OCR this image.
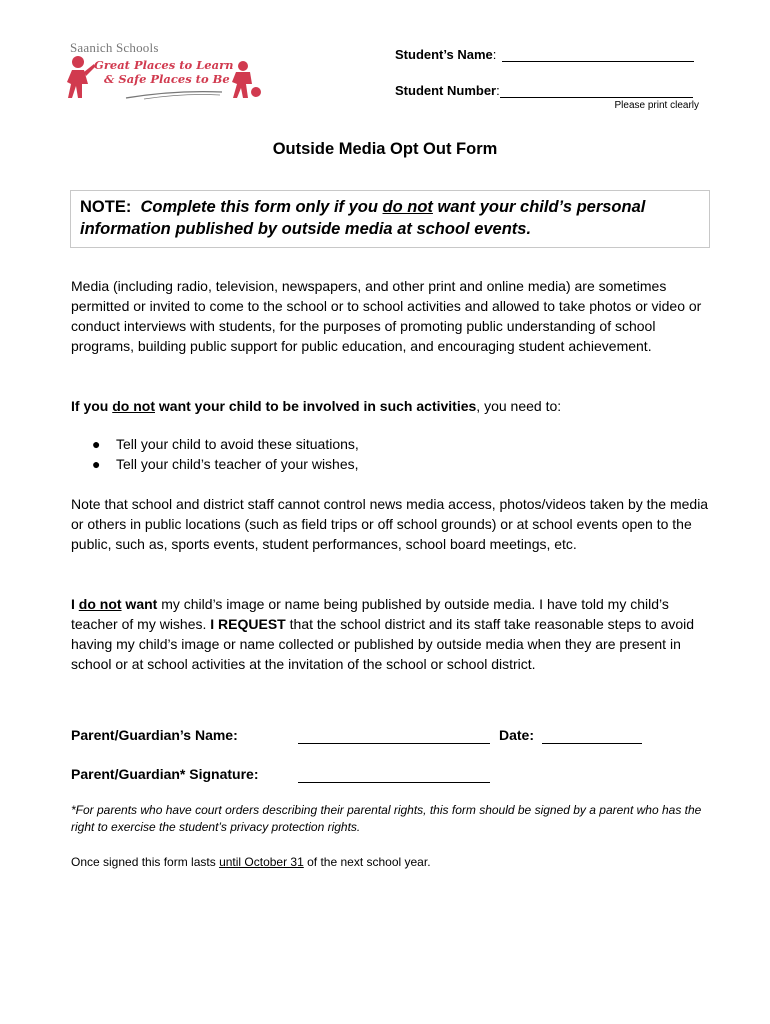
Saanich Schools
Great Places to Learn
& Safe Places to Be
Student’s Name:
Student Number:
Please print clearly
Outside Media Opt Out Form
NOTE: Complete this form only if you do not want your child’s personal information published by outside media at school events.
Media (including radio, television, newspapers, and other print and online media) are sometimes permitted or invited to come to the school or to school activities and allowed to take photos or video or conduct interviews with students, for the purposes of promoting public understanding of school programs, building public support for public education, and encouraging student achievement.
If you do not want your child to be involved in such activities, you need to:
●	Tell your child to avoid these situations,
●	Tell your child’s teacher of your wishes,
Note that school and district staff cannot control news media access, photos/videos taken by the media or others in public locations (such as field trips or off school grounds) or at school events open to the public, such as, sports events, student performances, school board meetings, etc.
I do not want my child’s image or name being published by outside media. I have told my child’s teacher of my wishes. I REQUEST that the school district and its staff take reasonable steps to avoid having my child’s image or name collected or published by outside media when they are present in school or at school activities at the invitation of the school or school district.
Parent/Guardian’s Name:	Date:
Parent/Guardian* Signature:
*For parents who have court orders describing their parental rights, this form should be signed by a parent who has the right to exercise the student’s privacy protection rights.
Once signed this form lasts until October 31 of the next school year.
